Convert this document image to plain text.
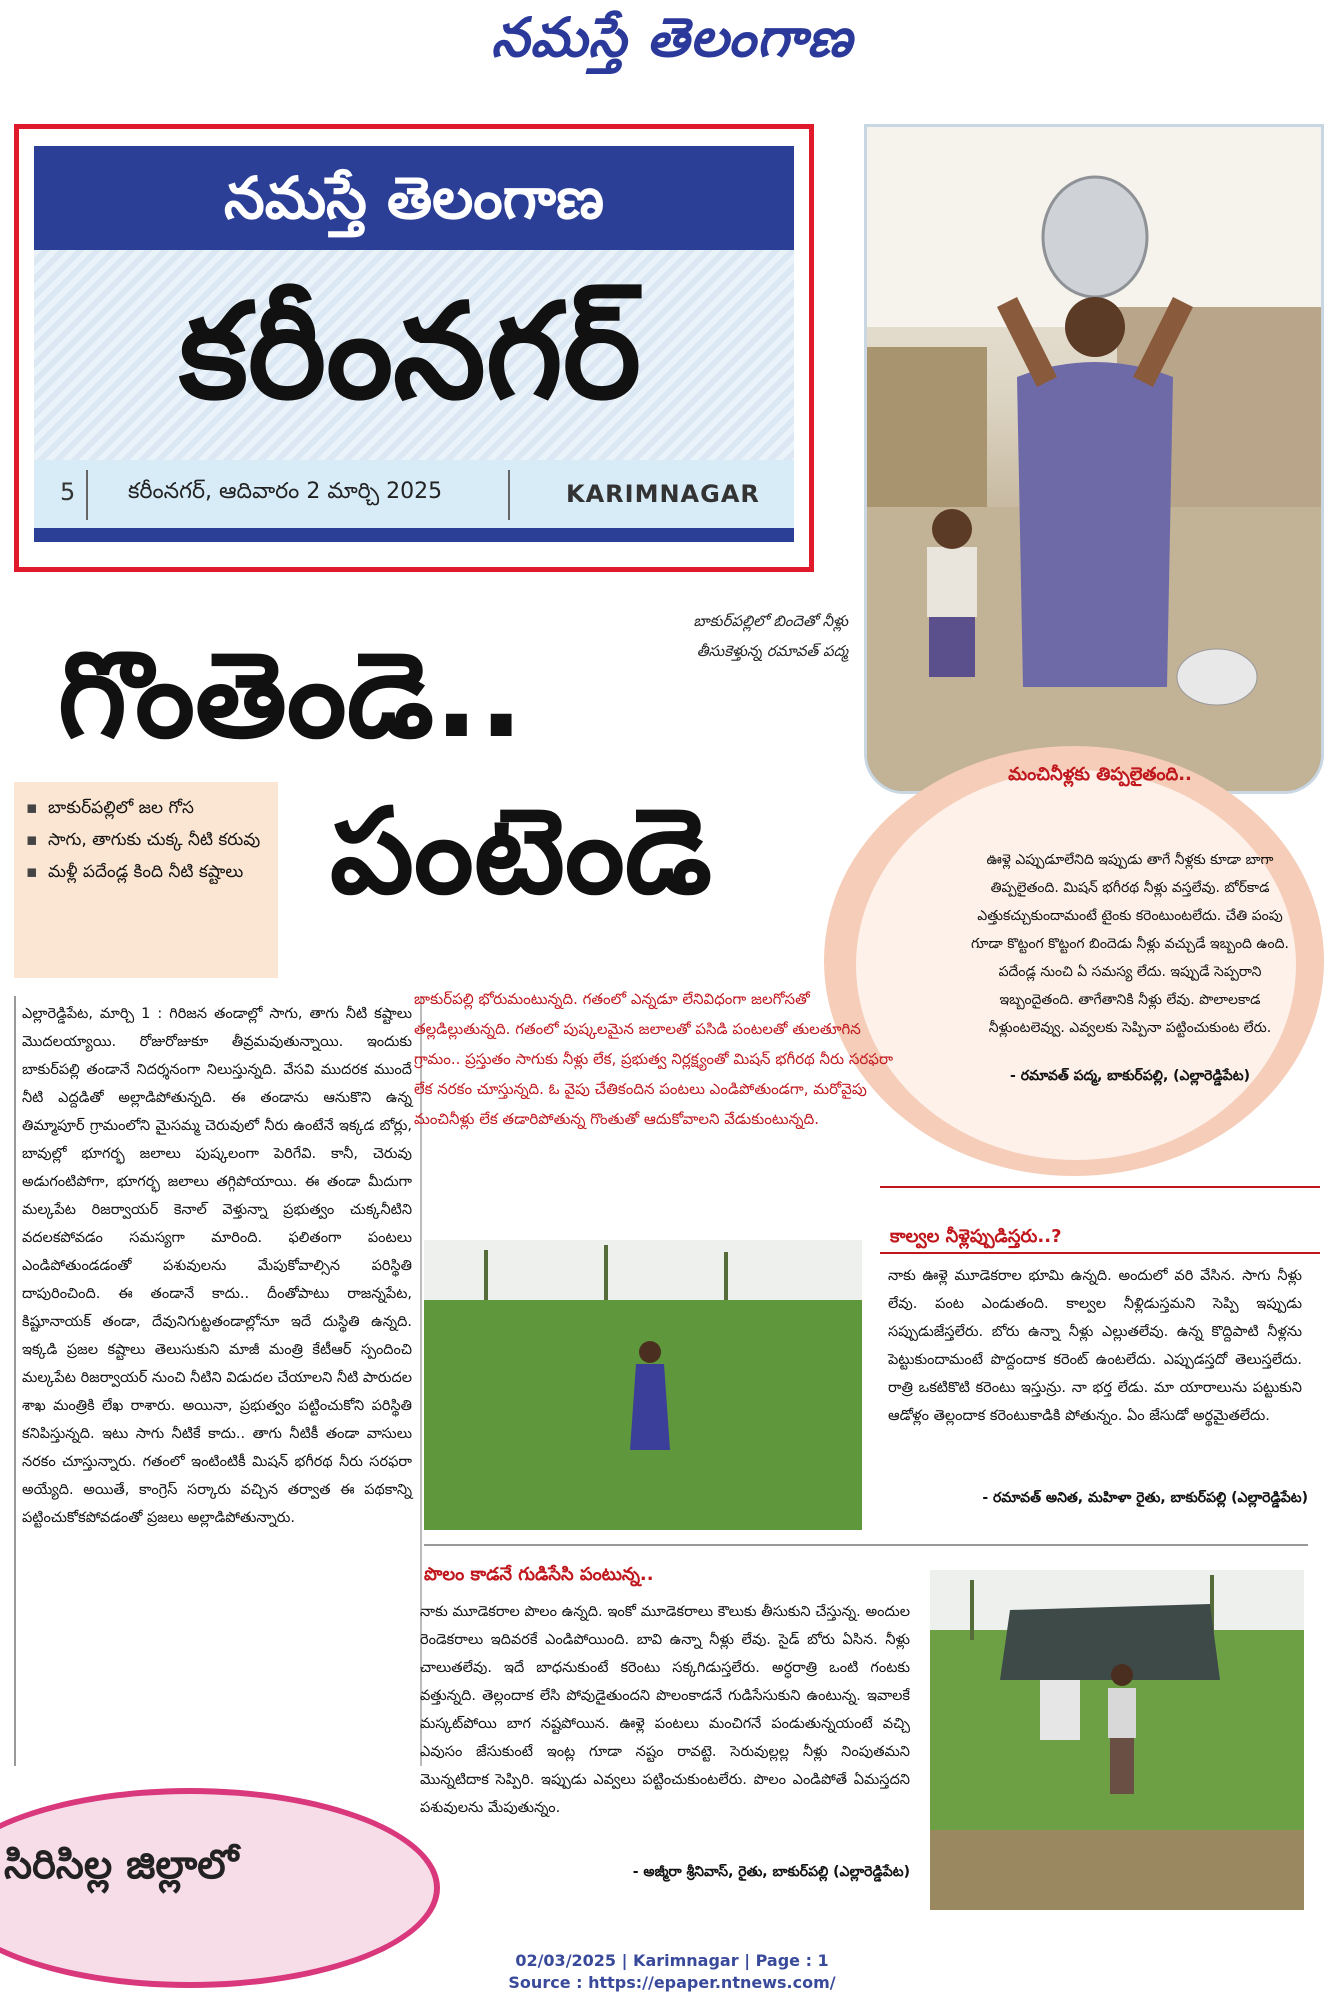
నమస్తే తెలంగాణ
నమస్తే తెలంగాణ
కరీంనగర్
5 కరీంనగర్, ఆదివారం 2 మార్చి 2025	KARIMNAGAR
బాకుర్‌పల్లిలో బిందెతో నీళ్లు తీసుకెళ్తున్న రమావత్ పద్మ
మంచినీళ్లకు తిప్పలైతంది..
ఊళ్లె ఎప్పుడూలేనిది ఇప్పుడు తాగే నీళ్లకు కూడా బాగా తిప్పలైతంది. మిషన్ భగీరథ నీళ్లు వస్తలేవు. బోర్‌కాడ ఎత్తుకచ్చుకుందామంటే టైంకు కరెంటుంటలేదు. చేతి పంపు గూడా కొట్టంగ కొట్టంగ బిందెడు నీళ్లు వచ్చుడే ఇబ్బంది ఉంది. పదేండ్ల నుంచి ఏ సమస్య లేదు. ఇప్పుడే సెప్పరాని ఇబ్బందైతంది. తాగేతానికి నీళ్లు లేవు. పొలాలకాడ నీళ్లుంటలెవ్వు. ఎవ్వలకు సెప్పినా పట్టించుకుంట లేరు.
- రమావత్ పద్మ, బాకుర్‌పల్లి, (ఎల్లారెడ్డిపేట)
గొంతెండె..
పంటెండె
▪ బాకుర్‌పల్లిలో జల గోస
▪ సాగు, తాగుకు చుక్క నీటి కరువు
▪ మళ్లీ పదేండ్ల కింది నీటి కష్టాలు
ఎల్లారెడ్డిపేట, మార్చి 1 : గిరిజన తండాల్లో సాగు, తాగు నీటి కష్టాలు మొదలయ్యాయి. రోజురోజుకూ తీవ్రమవుతున్నాయి. ఇందుకు బాకుర్‌పల్లి తండానే నిదర్శనంగా నిలుస్తున్నది. వేసవి ముదరక ముందే నీటి ఎద్దడితో అల్లాడిపోతున్నది. ఈ తండాను ఆనుకొని ఉన్న తిమ్మాపూర్ గ్రామంలోని మైసమ్మ చెరువులో నీరు ఉంటేనే ఇక్కడ బోర్లు, బావుల్లో భూగర్భ జలాలు పుష్కలంగా పెరిగేవి. కానీ, చెరువు అడుగంటిపోగా, భూగర్భ జలాలు తగ్గిపోయాయి. ఈ తండా మీదుగా మల్కపేట రిజర్వాయర్ కెనాల్ వెళ్తున్నా ప్రభుత్వం చుక్కనీటిని వదలకపోవడం సమస్యగా మారింది. ఫలితంగా పంటలు ఎండిపోతుండడంతో పశువులను మేపుకోవాల్సిన పరిస్థితి దాపురించింది. ఈ తండానే కాదు.. దీంతోపాటు రాజన్నపేట, కిష్టూనాయక్ తండా, దేవునిగుట్టతండాల్లోనూ ఇదే దుస్థితి ఉన్నది. ఇక్కడి ప్రజల కష్టాలు తెలుసుకుని మాజీ మంత్రి కేటీఆర్ స్పందించి మల్కపేట రిజర్వాయర్ నుంచి నీటిని విడుదల చేయాలని నీటి పారుదల శాఖ మంత్రికి లేఖ రాశారు. అయినా, ప్రభుత్వం పట్టించుకోని పరిస్థితి కనిపిస్తున్నది. ఇటు సాగు నీటికే కాదు.. తాగు నీటికీ తండా వాసులు నరకం చూస్తున్నారు. గతంలో ఇంటింటికీ మిషన్ భగీరథ నీరు సరఫరా అయ్యేది. అయితే, కాంగ్రెస్ సర్కారు వచ్చిన తర్వాత ఈ పథకాన్ని పట్టించుకోకపోవడంతో ప్రజలు అల్లాడిపోతున్నారు.
బాకుర్‌పల్లి భోరుమంటున్నది. గతంలో ఎన్నడూ లేనివిధంగా జలగోసతో తల్లడిల్లుతున్నది. గతంలో పుష్కలమైన జలాలతో పసిడి పంటలతో తులతూగిన గ్రామం.. ప్రస్తుతం సాగుకు నీళ్లు లేక, ప్రభుత్వ నిర్లక్ష్యంతో మిషన్ భగీరథ నీరు సరఫరా లేక నరకం చూస్తున్నది. ఓ వైపు చేతికందిన పంటలు ఎండిపోతుండగా, మరోవైపు మంచినీళ్లు లేక తడారిపోతున్న గొంతుతో ఆదుకోవాలని వేడుకుంటున్నది.
కాల్వల నీళ్లెప్పుడిస్తరు..?
నాకు ఊళ్లె మూడెకరాల భూమి ఉన్నది. అందులో వరి వేసిన. సాగు నీళ్లు లేవు. పంట ఎండుతంది. కాల్వల నీళ్లిడుస్తమని సెప్పి ఇప్పుడు సప్పుడుజేస్తలేరు. బోరు ఉన్నా నీళ్లు ఎల్లుతలేవు. ఉన్న కొద్దిపాటి నీళ్లను పెట్టుకుందామంటే పొద్దందాక కరెంట్ ఉంటలేదు. ఎప్పుడస్తదో తెలుస్తలేదు. రాత్రి ఒకటికొటి కరెంటు ఇస్తున్రు. నా భర్త లేడు. మా యారాలును పట్టుకుని ఆడోళ్లం తెల్లందాక కరెంటుకాడికి పోతున్నం. ఏం జేసుడో అర్థమైతలేదు.
- రమావత్ అనిత, మహిళా రైతు, బాకుర్‌పల్లి (ఎల్లారెడ్డిపేట)
పొలం కాడనే గుడిసేసి పంటున్న..
నాకు మూడెకరాల పొలం ఉన్నది. ఇంకో మూడెకరాలు కౌలుకు తీసుకుని చేస్తున్న. అందుల రెండెకరాలు ఇదివరకే ఎండిపోయింది. బావి ఉన్నా నీళ్లు లేవు. సైడ్ బోరు ఏసిన. నీళ్లు చాలుతలేవు. ఇదే బాధనుకుంటే కరెంటు సక్కగిడుస్తలేరు. అర్ధరాత్రి ఒంటి గంటకు వత్తున్నది. తెల్లందాక లేసి పోవుడైతుందని పొలంకాడనే గుడిసేసుకుని ఉంటున్న. ఇవాలకే మస్కట్‌పోయి బాగ నష్టపోయిన. ఊళ్లె పంటలు మంచిగనే పండుతున్నయంటే వచ్చి ఎవుసం జేసుకుంటే ఇంట్ల గూడా నష్టం రావట్టె. సెరువుల్లల్ల నీళ్లు నింపుతమని మొన్నటిదాక సెప్పిరి. ఇప్పుడు ఎవ్వలు పట్టించుకుంటలేరు. పొలం ఎండిపోతే ఏమస్తదని పశువులను మేపుతున్నం.
- అజ్మీరా శ్రీనివాస్, రైతు, బాకుర్‌పల్లి (ఎల్లారెడ్డిపేట)
సిరిసిల్ల జిల్లాలో
02/03/2025 | Karimnagar | Page : 1
Source : https://epaper.ntnews.com/
